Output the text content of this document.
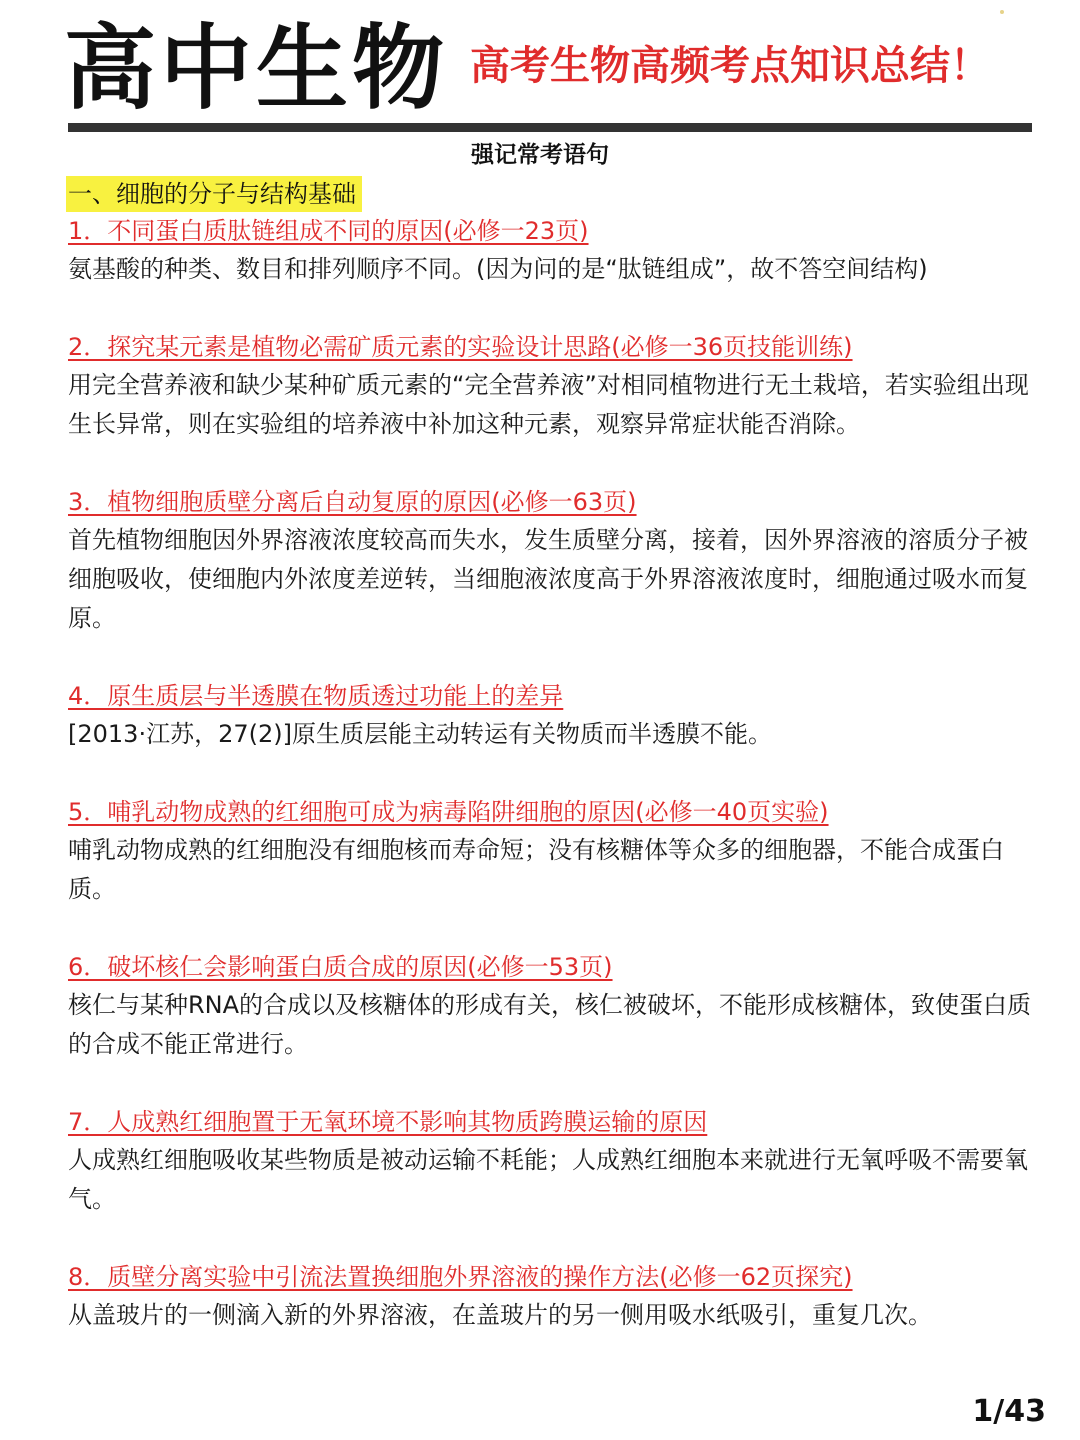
高中生物 高考生物高频考点知识总结！

强记常考语句

一、细胞的分子与结构基础

1．不同蛋白质肽链组成不同的原因(必修一23页)

氨基酸的种类、数目和排列顺序不同。(因为问的是“肽链组成”，故不答空间结构)

2．探究某元素是植物必需矿质元素的实验设计思路(必修一36页技能训练)

用完全营养液和缺少某种矿质元素的“完全营养液”对相同植物进行无土栽培，若实验组出现生长异常，则在实验组的培养液中补加这种元素，观察异常症状能否消除。

3．植物细胞质壁分离后自动复原的原因(必修一63页)

首先植物细胞因外界溶液浓度较高而失水，发生质壁分离，接着，因外界溶液的溶质分子被细胞吸收，使细胞内外浓度差逆转，当细胞液浓度高于外界溶液浓度时，细胞通过吸水而复原。

4．原生质层与半透膜在物质透过功能上的差异

[2013·江苏，27(2)]原生质层能主动转运有关物质而半透膜不能。

5．哺乳动物成熟的红细胞可成为病毒陷阱细胞的原因(必修一40页实验)

哺乳动物成熟的红细胞没有细胞核而寿命短；没有核糖体等众多的细胞器，不能合成蛋白质。

6．破坏核仁会影响蛋白质合成的原因(必修一53页)

核仁与某种RNA的合成以及核糖体的形成有关，核仁被破坏，不能形成核糖体，致使蛋白质的合成不能正常进行。

7．人成熟红细胞置于无氧环境不影响其物质跨膜运输的原因

人成熟红细胞吸收某些物质是被动运输不耗能；人成熟红细胞本来就进行无氧呼吸不需要氧气。

8．质壁分离实验中引流法置换细胞外界溶液的操作方法(必修一62页探究)

从盖玻片的一侧滴入新的外界溶液，在盖玻片的另一侧用吸水纸吸引，重复几次。

1/43
